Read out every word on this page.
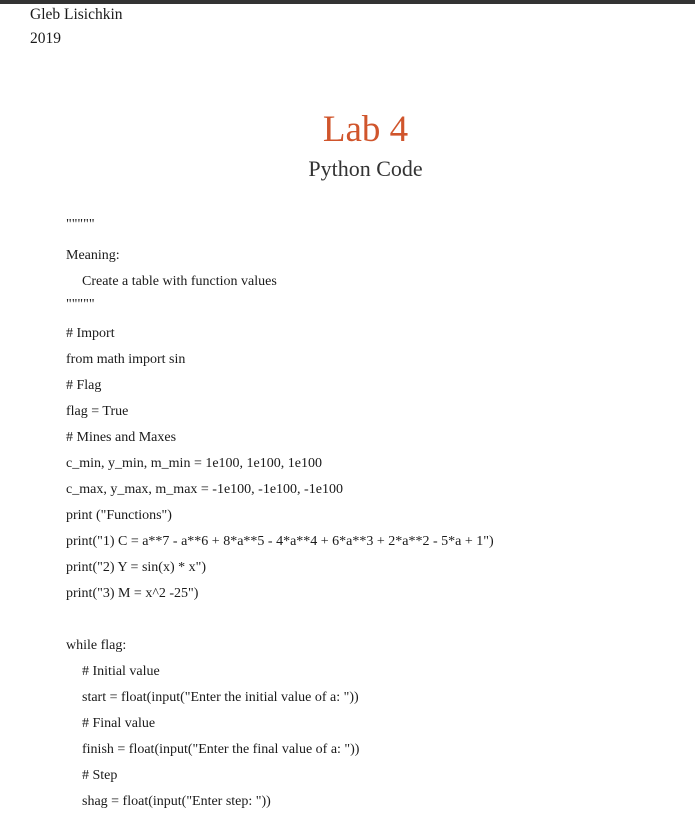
Gleb Lisichkin
2019
Lab 4
Python Code
"""""
Meaning:
Create a table with function values
"""""
# Import
from math import sin
# Flag
flag = True
# Mines and Maxes
c_min, y_min, m_min = 1e100, 1e100, 1e100
c_max, y_max, m_max = -1e100, -1e100, -1e100
print ("Functions")
print("1) C = a**7 - a**6 + 8*a**5 - 4*a**4 + 6*a**3 + 2*a**2 - 5*a + 1")
print("2) Y = sin(x) * x")
print("3) M = x^2 -25")
while flag:
# Initial value
start = float(input("Enter the initial value of a: "))
# Final value
finish = float(input("Enter the final value of a: "))
# Step
shag = float(input("Enter step: "))
